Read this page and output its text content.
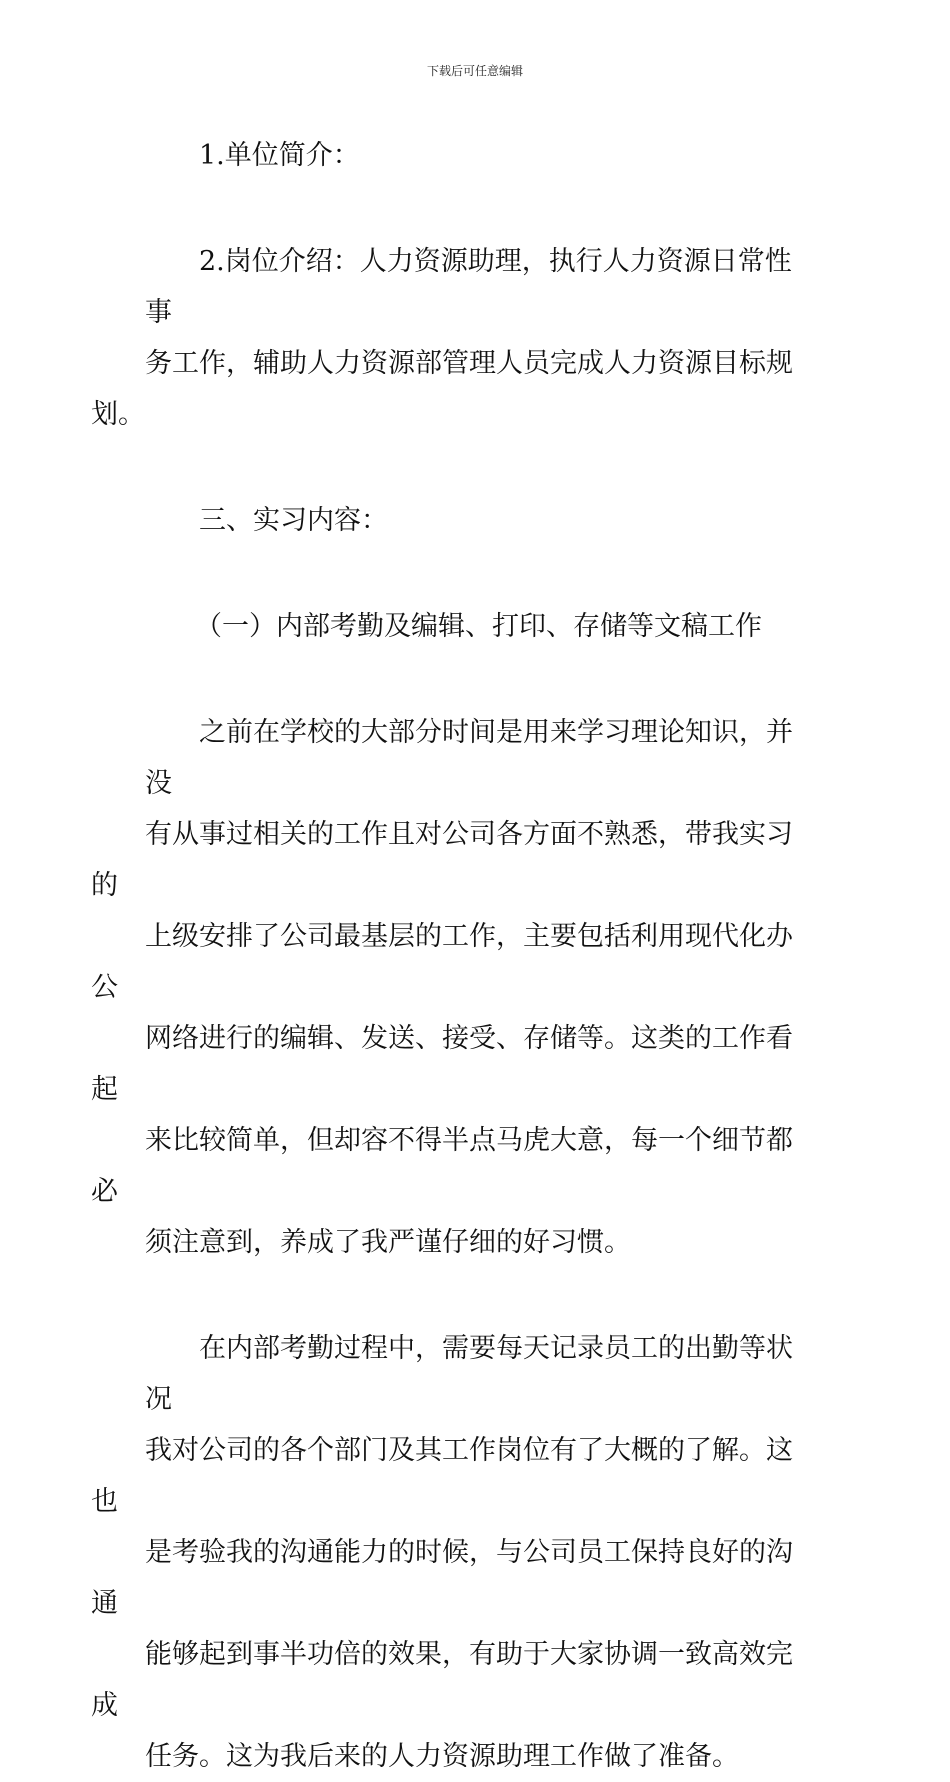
下载后可任意编辑

1.单位简介：

2.岗位介绍：人力资源助理，执行人力资源日常性事
务工作，辅助人力资源部管理人员完成人力资源目标规划。

三、实习内容：

（一）内部考勤及编辑、打印、存储等文稿工作

之前在学校的大部分时间是用来学习理论知识，并没
有从事过相关的工作且对公司各方面不熟悉，带我实习的
上级安排了公司最基层的工作，主要包括利用现代化办公
网络进行的编辑、发送、接受、存储等。这类的工作看起
来比较简单，但却容不得半点马虎大意，每一个细节都必
须注意到，养成了我严谨仔细的好习惯。

在内部考勤过程中，需要每天记录员工的出勤等状况
我对公司的各个部门及其工作岗位有了大概的了解。这也
是考验我的沟通能力的时候，与公司员工保持良好的沟通
能够起到事半功倍的效果，有助于大家协调一致高效完成
任务。这为我后来的人力资源助理工作做了准备。
